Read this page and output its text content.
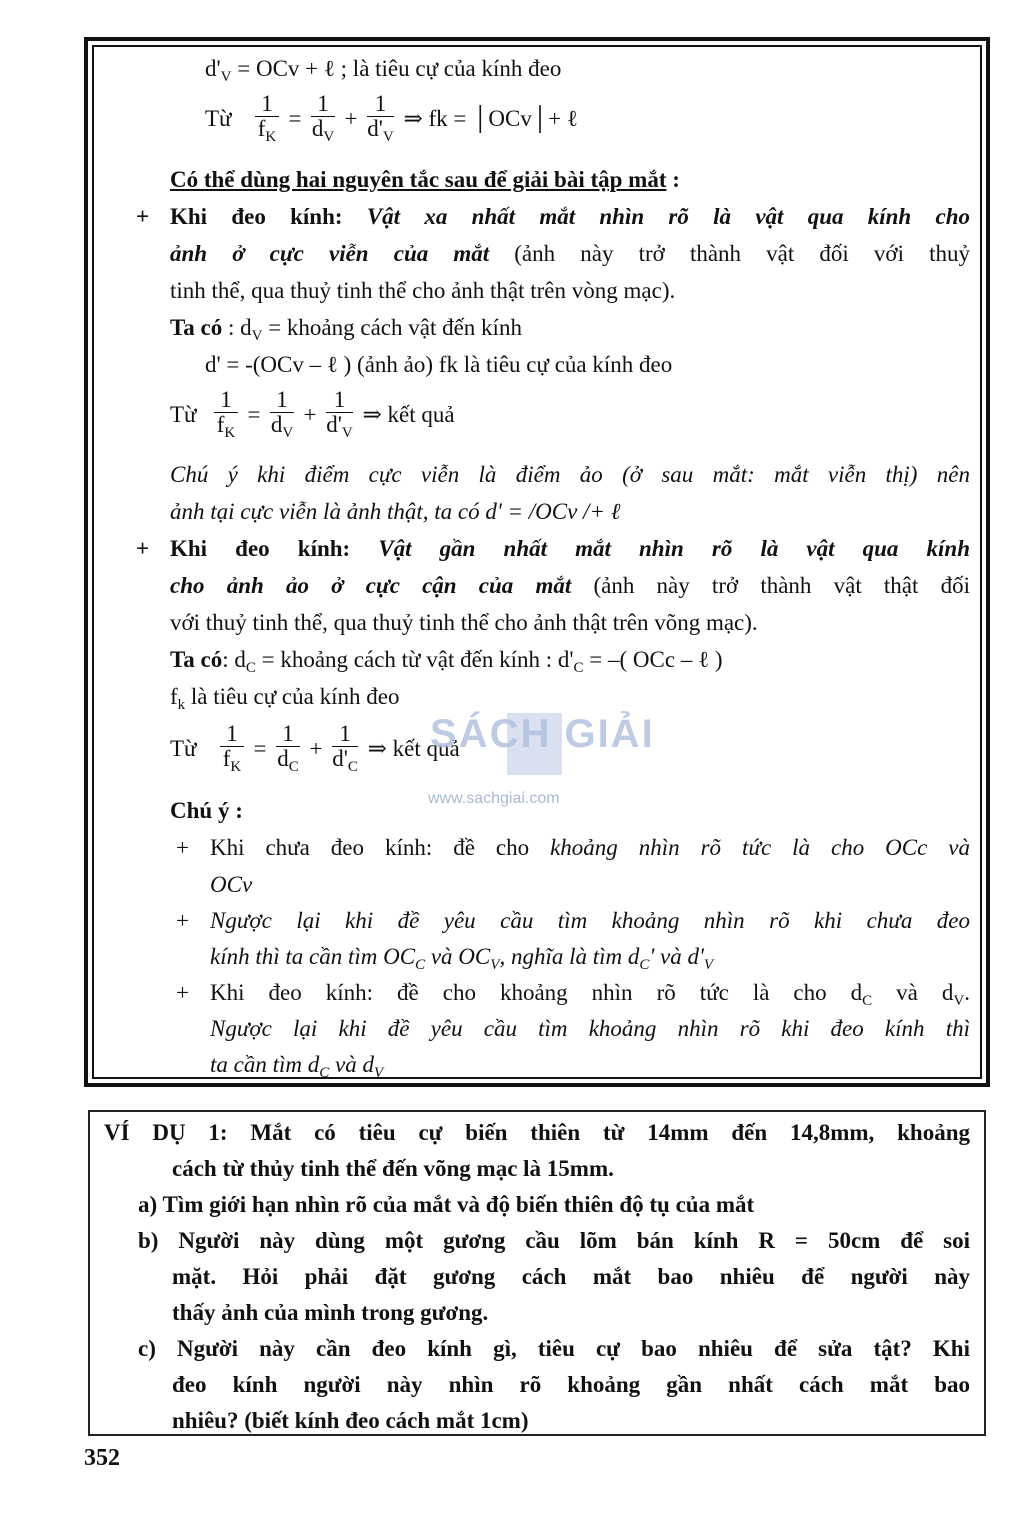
$d'_V$ = OCv + ℓ ; là tiêu cự của kính đeo
Từ $\frac{1}{f_K} = \frac{1}{d_V} + \frac{1}{d'_V}$ ⇒ fk = │OCv│+ ℓ
Có thể dùng hai nguyên tắc sau để giải bài tập mắt :
+ Khi đeo kính: Vật xa nhất mắt nhìn rõ là vật qua kính cho
ảnh ở cực viễn của mắt (ảnh này trở thành vật đối với thuỷ
tinh thể, qua thuỷ tinh thể cho ảnh thật trên vòng mạc).
Ta có : $d_V$ = khoảng cách vật đến kính
d' = -(OCv – ℓ ) (ảnh ảo) fk là tiêu cự của kính đeo
Từ $\frac{1}{f_K} = \frac{1}{d_V} + \frac{1}{d'_V}$ ⇒ kết quả
Chú ý khi điểm cực viễn là điểm ảo (ở sau mắt: mắt viễn thị) nên
ảnh tại cực viễn là ảnh thật, ta có d' = /OCv /+ ℓ
+ Khi đeo kính: Vật gần nhất mắt nhìn rõ là vật qua kính
cho ảnh ảo ở cực cận của mắt (ảnh này trở thành vật thật đối
với thuỷ tinh thể, qua thuỷ tinh thể cho ảnh thật trên võng mạc).
Ta có: $d_C$ = khoảng cách từ vật đến kính : $d'_C$ = –( OCc – ℓ )
$f_k$ là tiêu cự của kính đeo
Từ $\frac{1}{f_K} = \frac{1}{d_C} + \frac{1}{d'_C}$ ⇒ kết quả
SÁCH GIẢI
www.sachgiai.com
Chú ý :
+ Khi chưa đeo kính: đề cho khoảng nhìn rõ tức là cho OCc và
OCv
+ Ngược lại khi đề yêu cầu tìm khoảng nhìn rõ khi chưa đeo
kính thì ta cần tìm $OC_C$ và $OC_V$, nghĩa là tìm $d_C'$ và $d'_V$
+ Khi đeo kính: đề cho khoảng nhìn rõ tức là cho $d_C$ và $d_V$.
Ngược lại khi đề yêu cầu tìm khoảng nhìn rõ khi đeo kính thì
ta cần tìm $d_C$ và $d_V$
VÍ DỤ 1: Mắt có tiêu cự biến thiên từ 14mm đến 14,8mm, khoảng
cách từ thủy tinh thể đến võng mạc là 15mm.
a) Tìm giới hạn nhìn rõ của mắt và độ biến thiên độ tụ của mắt
b) Người này dùng một gương cầu lõm bán kính R = 50cm để soi
mặt. Hỏi phải đặt gương cách mắt bao nhiêu để người này
thấy ảnh của mình trong gương.
c) Người này cần đeo kính gì, tiêu cự bao nhiêu để sửa tật? Khi
đeo kính người này nhìn rõ khoảng gần nhất cách mắt bao
nhiêu? (biết kính đeo cách mắt 1cm)
352
